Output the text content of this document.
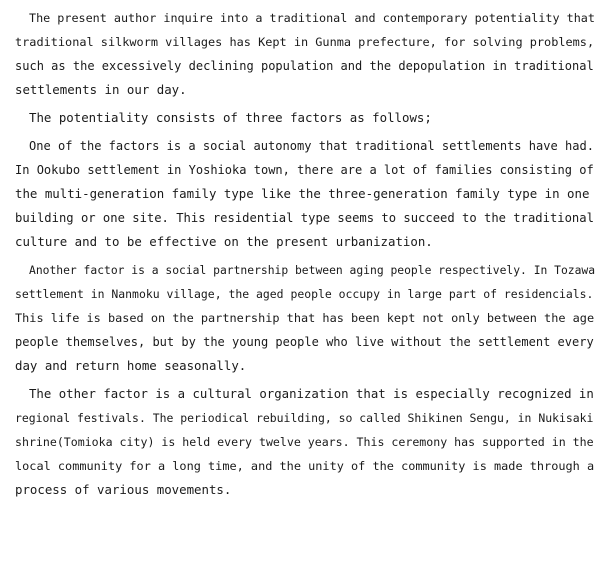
The present author inquire into a traditional and contemporary potentiality that
traditional silkworm villages has Kept in Gunma prefecture, for solving problems,
such as the excessively declining population and the depopulation in traditional
settlements in our day.

The potentiality consists of three factors as follows;

One of the factors is a social autonomy that traditional settlements have had.
In Ookubo settlement in Yoshioka town, there are a lot of families consisting of
the multi-generation family type like the three-generation family type in one
building or one site. This residential type seems to succeed to the traditional
culture and to be effective on the present urbanization.

Another factor is a social partnership between aging people respectively. In Tozawa
settlement in Nanmoku village, the aged people occupy in large part of residencials.
This life is based on the partnership that has been kept not only between the age
people themselves, but by the young people who live without the settlement every
day and return home seasonally.

The other factor is a cultural organization that is especially recognized in
regional festivals. The periodical rebuilding, so called Shikinen Sengu, in Nukisaki
shrine(Tomioka city) is held every twelve years. This ceremony has supported in the
local community for a long time, and the unity of the community is made through a
process of various movements.
